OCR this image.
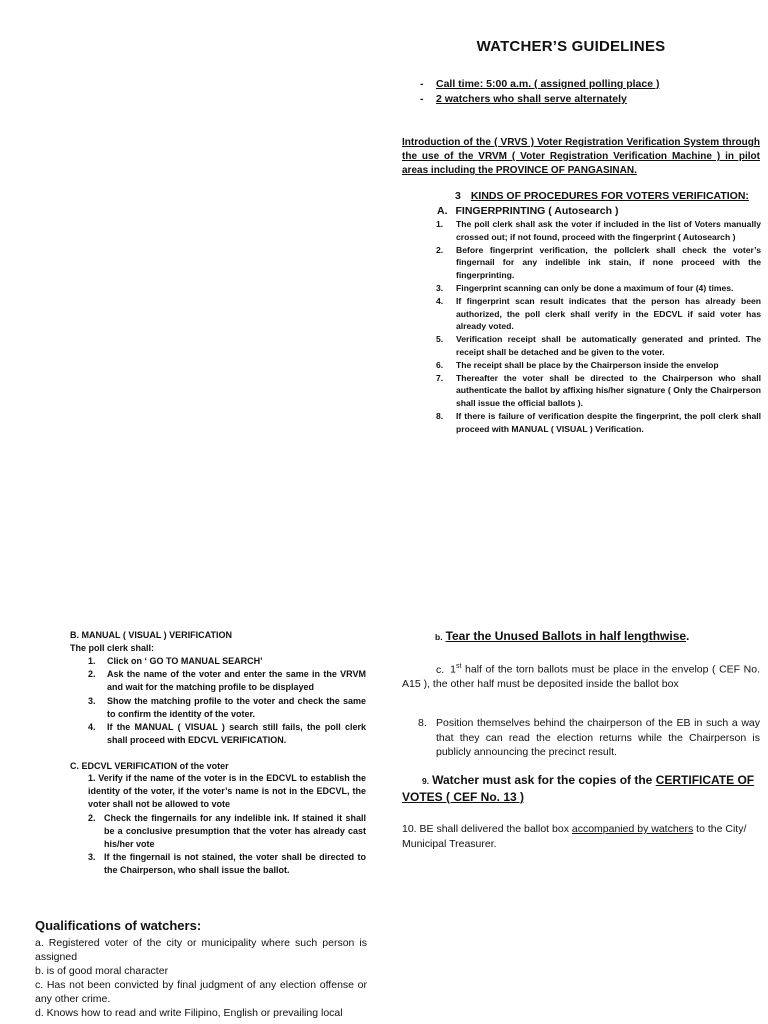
WATCHER’S GUIDELINES
- Call time: 5:00 a.m. ( assigned polling place )
- 2 watchers who shall serve alternately
Introduction of the ( VRVS ) Voter Registration Verification System through the use of the VRVM ( Voter Registration Verification Machine ) in pilot areas including the PROVINCE OF PANGASINAN.
3 KINDS OF PROCEDURES FOR VOTERS VERIFICATION:
A. FINGERPRINTING ( Autosearch )
1. The poll clerk shall ask the voter if included in the list of Voters manually crossed out; if not found, proceed with the fingerprint ( Autosearch )
2. Before fingerprint verification, the pollclerk shall check the voter’s fingernail for any indelible ink stain, if none proceed with the fingerprinting.
3. Fingerprint scanning can only be done a maximum of four (4) times.
4. If fingerprint scan result indicates that the person has already been authorized, the poll clerk shall verify in the EDCVL if said voter has already voted.
5. Verification receipt shall be automatically generated and printed. The receipt shall be detached and be given to the voter.
6. The receipt shall be place by the Chairperson inside the envelop
7. Thereafter the voter shall be directed to the Chairperson who shall authenticate the ballot by affixing his/her signature ( Only the Chairperson shall issue the official ballots ).
8. If there is failure of verification despite the fingerprint, the poll clerk shall proceed with MANUAL ( VISUAL ) Verification.
B. MANUAL ( VISUAL ) VERIFICATION
The poll clerk shall:
1. Click on ‘ GO TO MANUAL SEARCH’
2. Ask the name of the voter and enter the same in the VRVM and wait for the matching profile to be displayed
3. Show the matching profile to the voter and check the same to confirm the identity of the voter.
4. If the MANUAL ( VISUAL ) search still fails, the poll clerk shall proceed with EDCVL VERIFICATION.
C. EDCVL VERIFICATION of the voter
1. Verify if the name of the voter is in the EDCVL to establish the identity of the voter, if the voter’s name is not in the EDCVL, the voter shall not be allowed to vote
2. Check the fingernails for any indelible ink. If stained it shall be a conclusive presumption that the voter has already cast his/her vote
3. If the fingernail is not stained, the voter shall be directed to the Chairperson, who shall issue the ballot.
Qualifications of watchers:
a. Registered voter of the city or municipality where such person is assigned
b. is of good moral character
c. Has not been convicted by final judgment of any election offense or any other crime.
d. Knows how to read and write Filipino, English or prevailing local
b. Tear the Unused Ballots in half lengthwise.
c. 1st half of the torn ballots must be place in the envelop ( CEF No. A15 ), the other half must be deposited inside the ballot box
8. Position themselves behind the chairperson of the EB in such a way that they can read the election returns while the Chairperson is publicly announcing the precinct result.
9. Watcher must ask for the copies of the CERTIFICATE OF VOTES ( CEF No. 13 )
10. BE shall delivered the ballot box accompanied by watchers to the City/ Municipal Treasurer.
